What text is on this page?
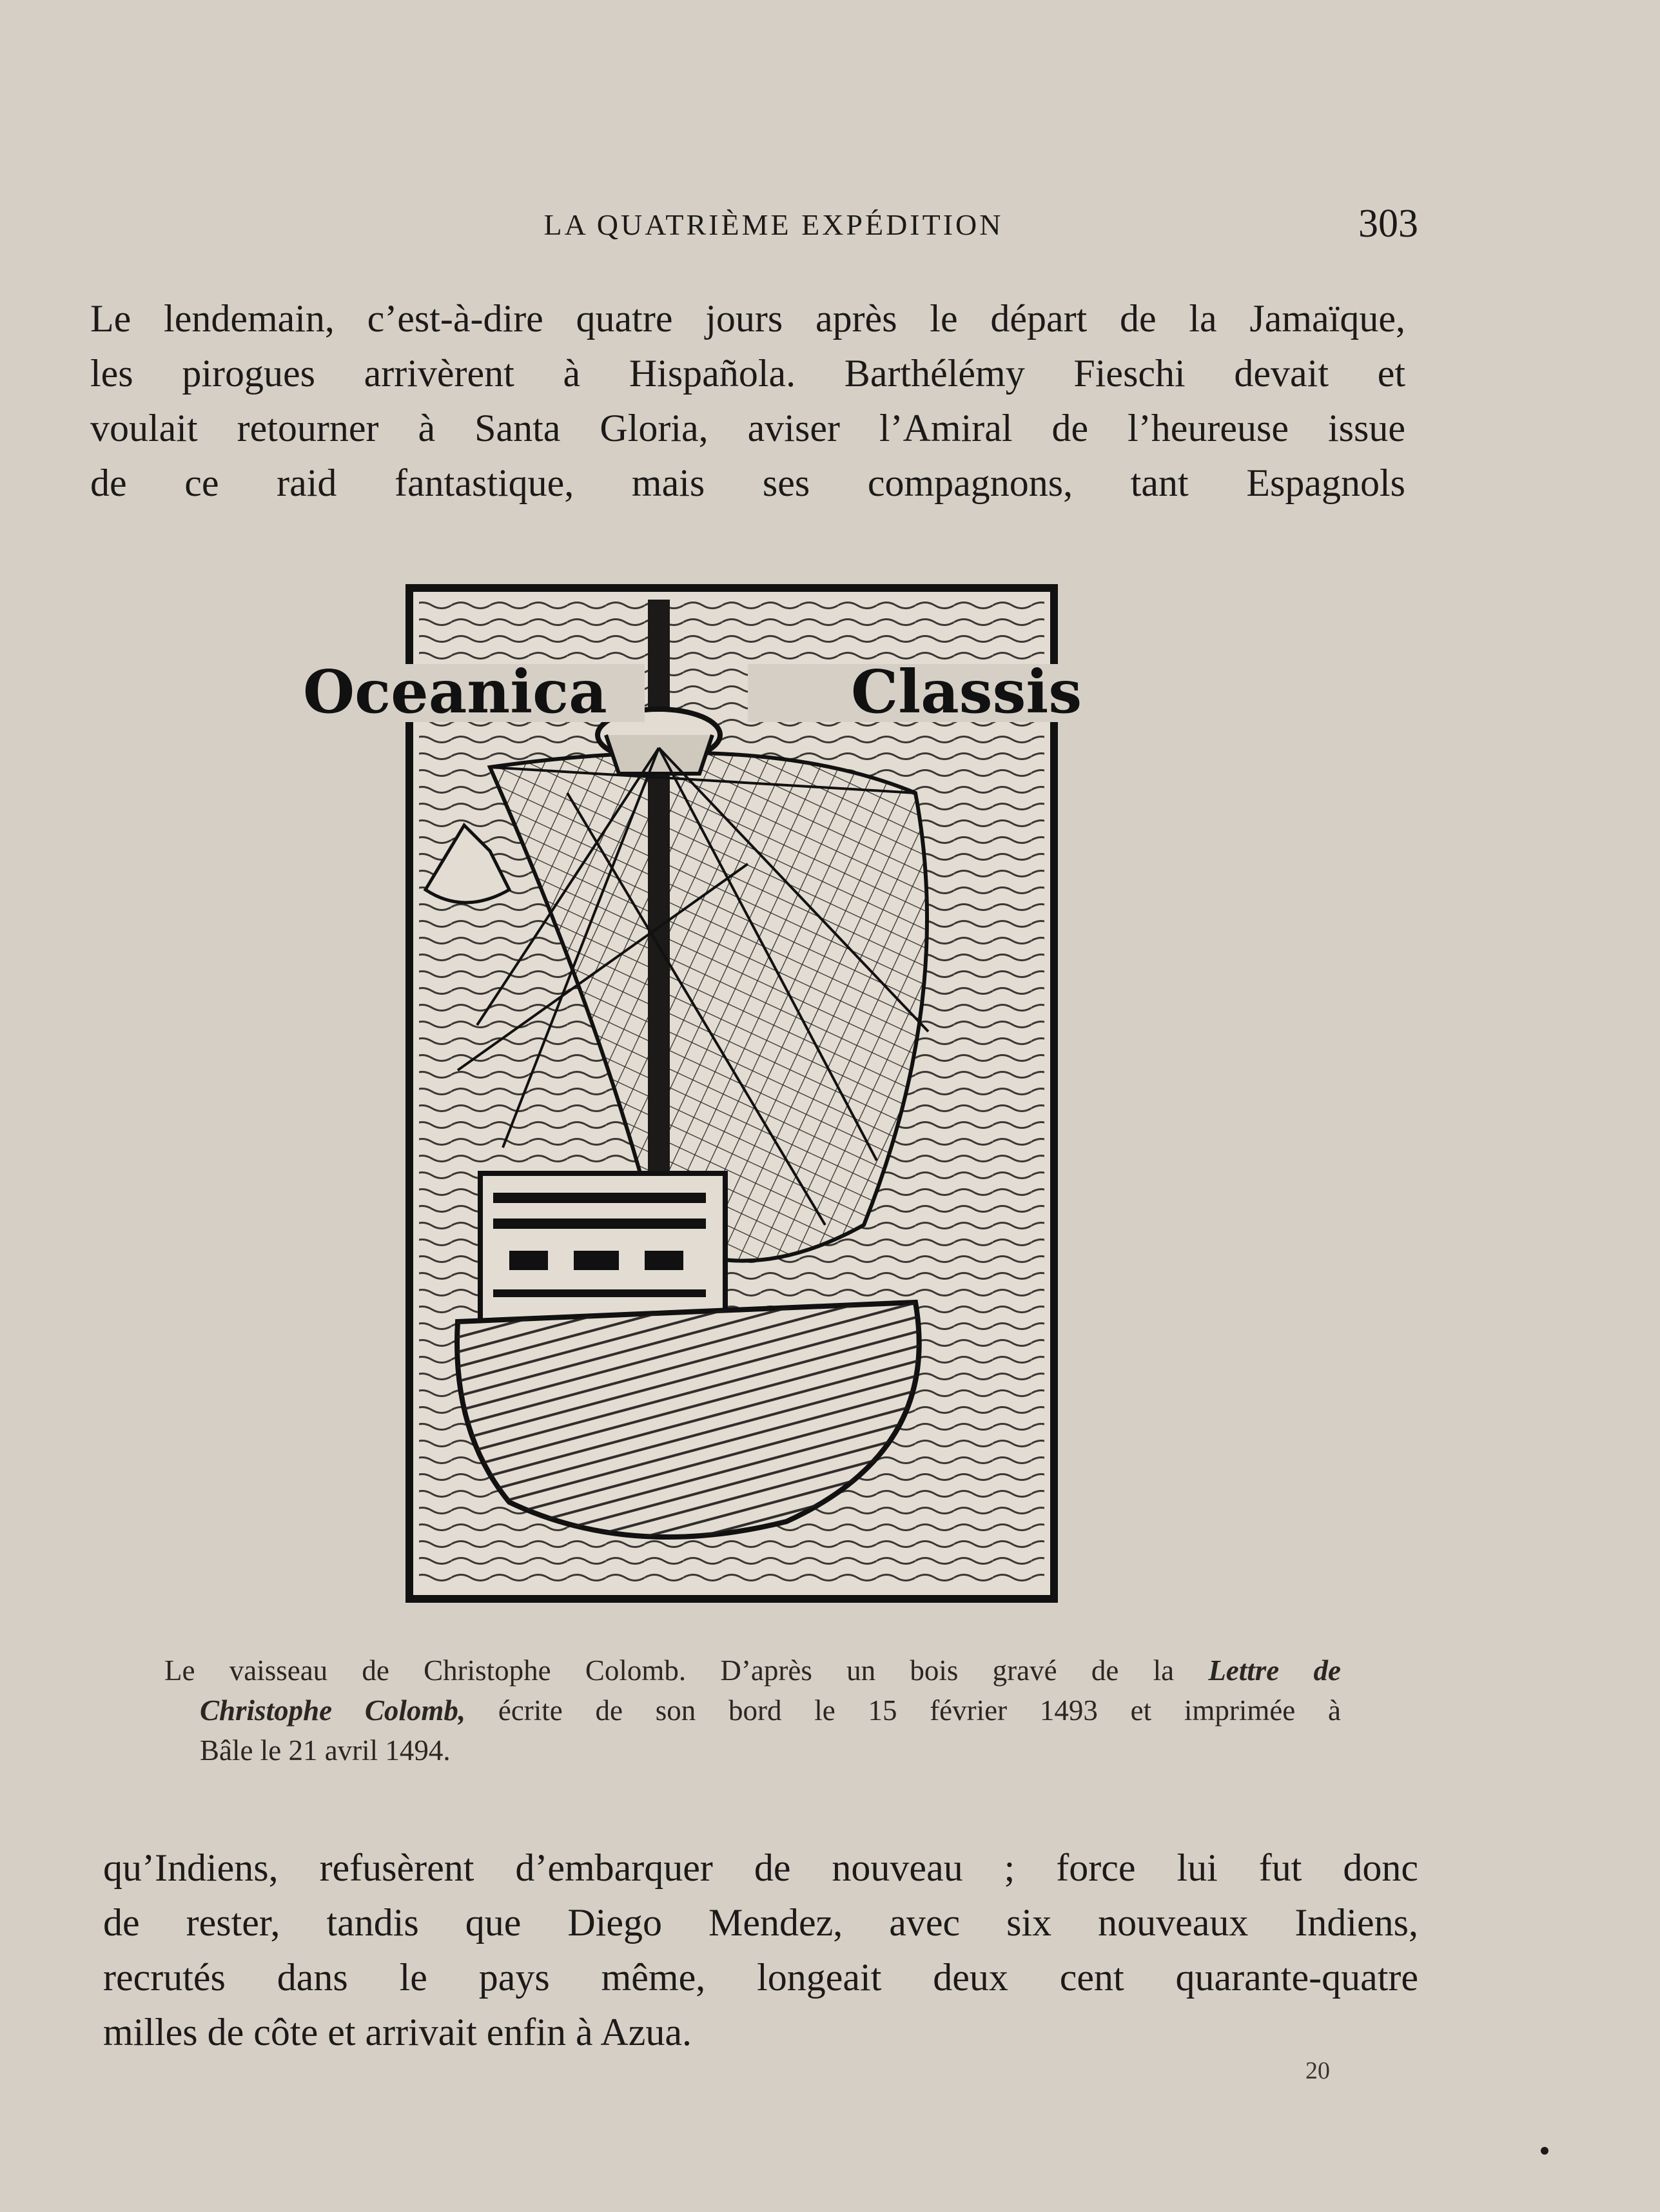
LA QUATRIÈME EXPÉDITION	303

Le lendemain, c’est-à-dire quatre jours après le départ de la Jamaïque,
les pirogues arrivèrent à Hispañola. Barthélémy Fieschi devait et
voulait retourner à Santa Gloria, aviser l’Amiral de l’heureuse issue
de ce raid fantastique, mais ses compagnons, tant Espagnols

Oceanica	Classis
Le vaisseau de Christophe Colomb. D’après un bois gravé de la Lettre de
Christophe Colomb, écrite de son bord le 15 février 1493 et imprimée à
Bâle le 21 avril 1494.

qu’Indiens, refusèrent d’embarquer de nouveau ; force lui fut donc
de rester, tandis que Diego Mendez, avec six nouveaux Indiens,
recrutés dans le pays même, longeait deux cent quarante-quatre
milles de côte et arrivait enfin à Azua.

20
